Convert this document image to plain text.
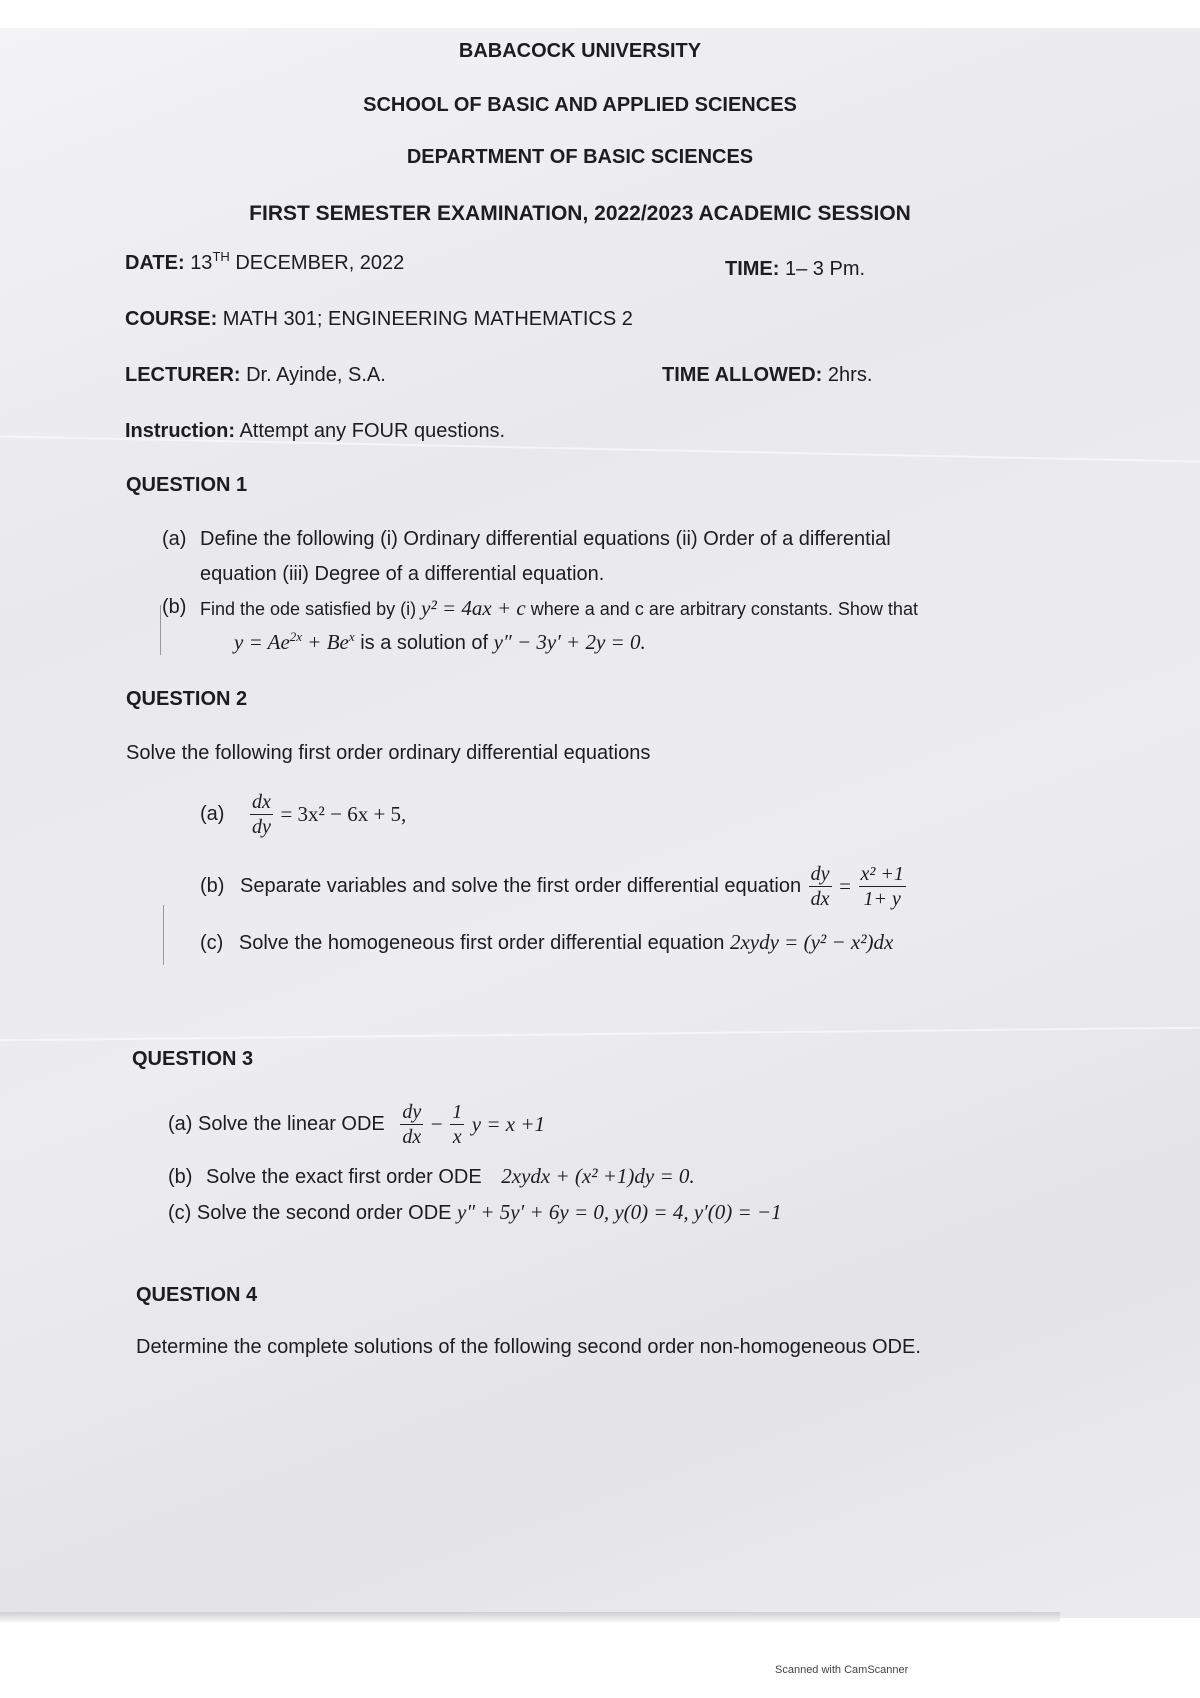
BABACOCK UNIVERSITY
SCHOOL OF BASIC AND APPLIED SCIENCES
DEPARTMENT OF BASIC SCIENCES
FIRST SEMESTER EXAMINATION, 2022/2023 ACADEMIC SESSION
DATE: 13TH DECEMBER, 2022	TIME: 1– 3 Pm.
COURSE: MATH 301; ENGINEERING MATHEMATICS 2
LECTURER: Dr. Ayinde, S.A.	TIME ALLOWED: 2hrs.
Instruction: Attempt any FOUR questions.
QUESTION 1
(a) Define the following (i) Ordinary differential equations (ii) Order of a differential
equation (iii) Degree of a differential equation.
(b) Find the ode satisfied by (i) y² = 4ax + c where a and c are arbitrary constants. Show that
$y = Ae^{2x} + Be^x$ is a solution of y″ − 3y′ + 2y = 0.
QUESTION 2
Solve the following first order ordinary differential equations
$(a) \frac{dx}{dy} = 3x^2 - 6x + 5$,
(b) Separate variables and solve the first order differential equation $\frac{dy}{dx} = \frac{\text{x² +1}}{1+ y}$
(c) Solve the homogeneous first order differential equation 2xydy = (y² − x²)dx
QUESTION 3
(a) Solve the linear ODE $\frac{dy}{dx} - \frac{1}{x}$ y = x +1
(b) Solve the exact first order ODE 2xydx + (x² +1)dy = 0.
(c) Solve the second order ODE y″ + 5y′ + 6y = 0, y(0) = 4, y′(0) = −1
QUESTION 4
Determine the complete solutions of the following second order non-homogeneous ODE.
Scanned with CamScanner
